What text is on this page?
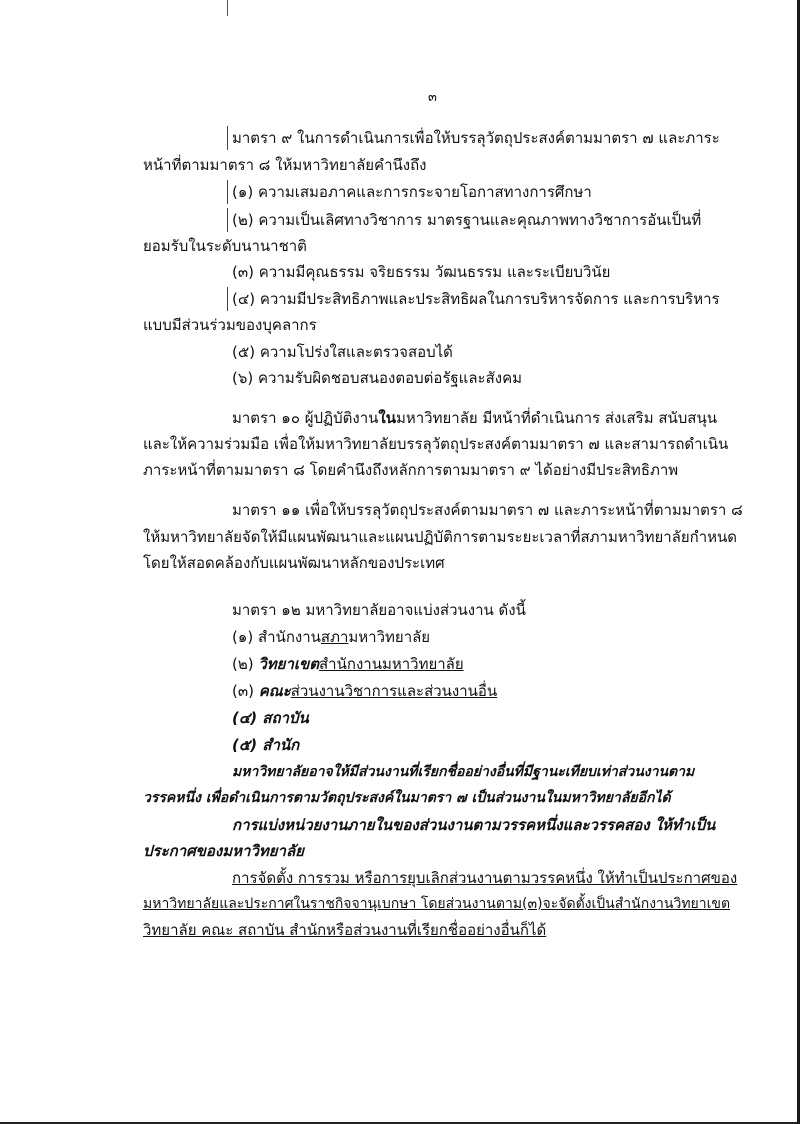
๓
มาตรา ๙ ในการดำเนินการเพื่อให้บรรลุวัตถุประสงค์ตามมาตรา ๗ และภาระ
หน้าที่ตามมาตรา ๘ ให้มหาวิทยาลัยคำนึงถึง
(๑) ความเสมอภาคและการกระจายโอกาสทางการศึกษา
(๒) ความเป็นเลิศทางวิชาการ มาตรฐานและคุณภาพทางวิชาการอันเป็นที่
ยอมรับในระดับนานาชาติ
(๓) ความมีคุณธรรม จริยธรรม วัฒนธรรม และระเบียบวินัย
(๔) ความมีประสิทธิภาพและประสิทธิผลในการบริหารจัดการ และการบริหาร
แบบมีส่วนร่วมของบุคลากร
(๕) ความโปร่งใสและตรวจสอบได้
(๖) ความรับผิดชอบสนองตอบต่อรัฐและสังคม
มาตรา ๑๐ ผู้ปฏิบัติงานในมหาวิทยาลัย มีหน้าที่ดำเนินการ ส่งเสริม สนับสนุน
และให้ความร่วมมือ เพื่อให้มหาวิทยาลัยบรรลุวัตถุประสงค์ตามมาตรา ๗ และสามารถดำเนิน
ภาระหน้าที่ตามมาตรา ๘ โดยคำนึงถึงหลักการตามมาตรา ๙ ได้อย่างมีประสิทธิภาพ
มาตรา ๑๑ เพื่อให้บรรลุวัตถุประสงค์ตามมาตรา ๗ และภาระหน้าที่ตามมาตรา ๘
ให้มหาวิทยาลัยจัดให้มีแผนพัฒนาและแผนปฏิบัติการตามระยะเวลาที่สภามหาวิทยาลัยกำหนด
โดยให้สอดคล้องกับแผนพัฒนาหลักของประเทศ
มาตรา ๑๒ มหาวิทยาลัยอาจแบ่งส่วนงาน ดังนี้
(๑) สำนักงานสภามหาวิทยาลัย
(๒) วิทยาเขตสำนักงานมหาวิทยาลัย
(๓) คณะส่วนงานวิชาการและส่วนงานอื่น
(๔) สถาบัน
(๕) สำนัก
มหาวิทยาลัยอาจให้มีส่วนงานที่เรียกชื่ออย่างอื่นที่มีฐานะเทียบเท่าส่วนงานตาม
วรรคหนึ่ง เพื่อดำเนินการตามวัตถุประสงค์ในมาตรา ๗ เป็นส่วนงานในมหาวิทยาลัยอีกได้
การแบ่งหน่วยงานภายในของส่วนงานตามวรรคหนึ่งและวรรคสอง ให้ทำเป็น
ประกาศของมหาวิทยาลัย
การจัดตั้ง การรวม หรือการยุบเลิกส่วนงานตามวรรคหนึ่ง ให้ทำเป็นประกาศของ
มหาวิทยาลัยและประกาศในราชกิจจานุเบกษา โดยส่วนงานตาม(๓)จะจัดตั้งเป็นสำนักงานวิทยาเขต
วิทยาลัย คณะ สถาบัน สำนักหรือส่วนงานที่เรียกชื่ออย่างอื่นก็ได้
